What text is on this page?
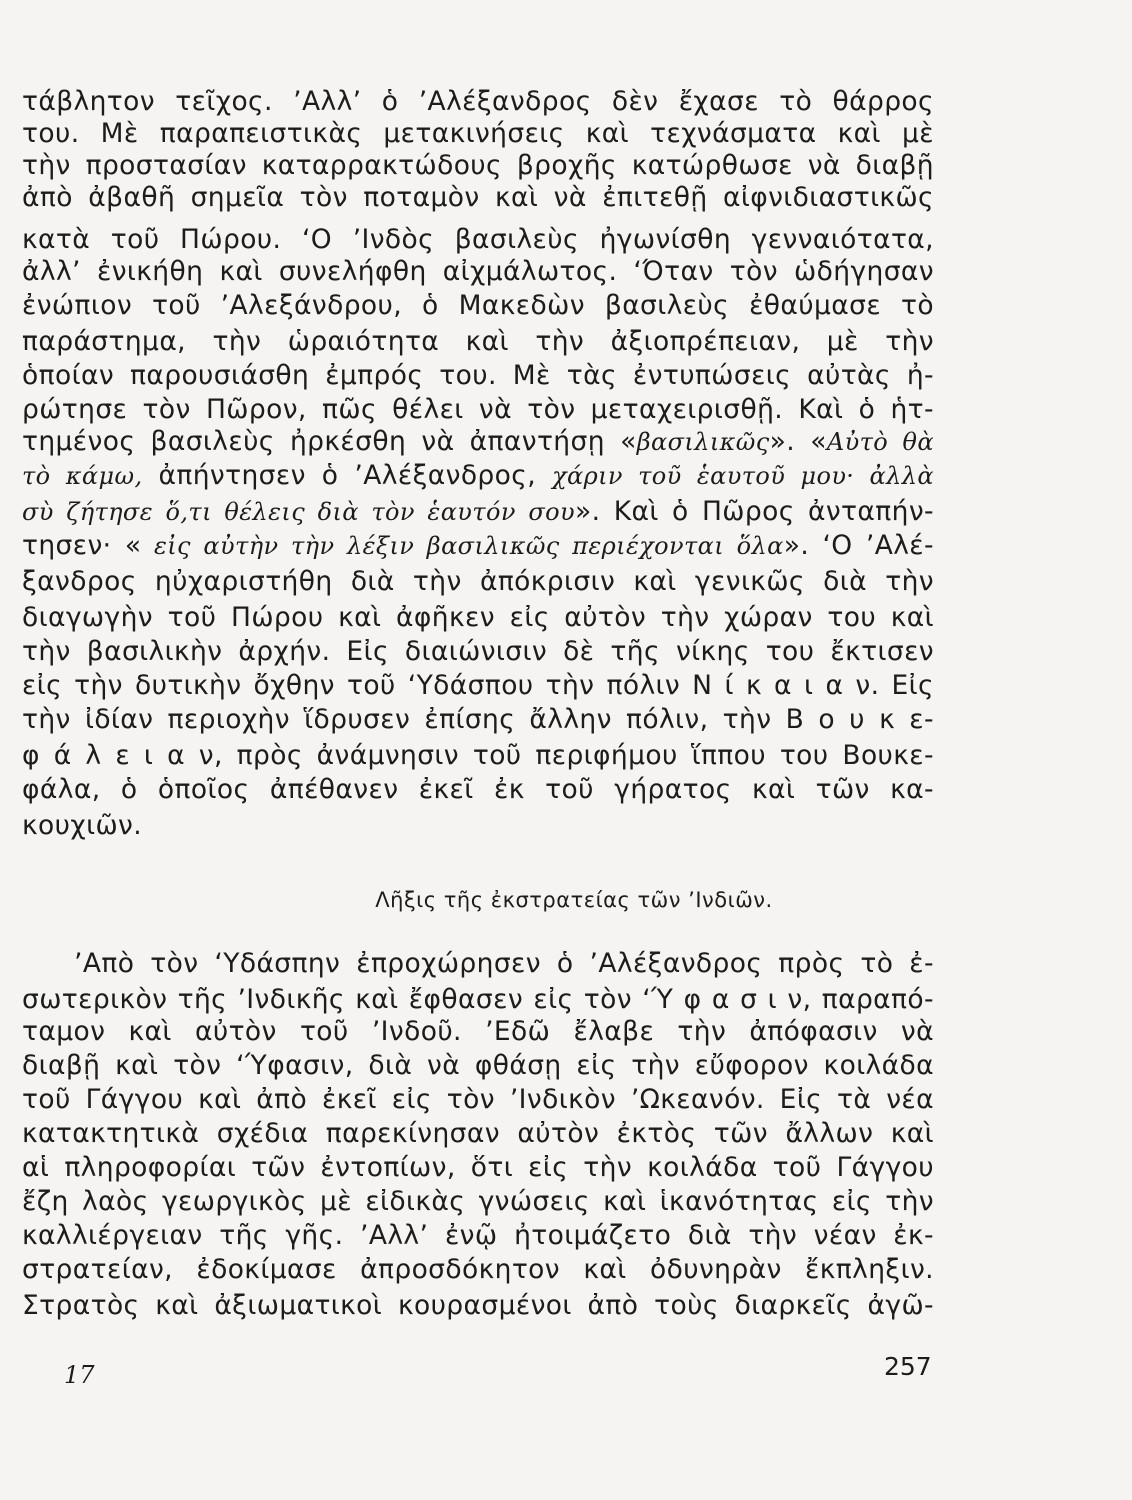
τάβλητον τεῖχος. ’Αλλ’ ὁ ’Αλέξανδρος δὲν ἔχασε τὸ θάρρος
του. Μὲ παραπειστικὰς μετακινήσεις καὶ τεχνάσματα καὶ μὲ
τὴν προστασίαν καταρρακτώδους βροχῆς κατώρθωσε νὰ διαβῇ
ἀπὸ ἀβαθῆ σημεῖα τὸν ποταμὸν καὶ νὰ ἐπιτεθῇ αἰφνιδιαστικῶς
κατὰ τοῦ Πώρου. ‘Ο ’Ινδὸς βασιλεὺς ἠγωνίσθη γενναιότατα,
ἀλλ’ ἐνικήθη καὶ συνελήφθη αἰχμάλωτος. ‘Όταν τὸν ὡδήγησαν
ἐνώπιον τοῦ ’Αλεξάνδρου, ὁ Μακεδὼν βασιλεὺς ἐθαύμασε τὸ
παράστημα, τὴν ὡραιότητα καὶ τὴν ἀξιοπρέπειαν, μὲ τὴν
ὁποίαν παρουσιάσθη ἐμπρός του. Μὲ τὰς ἐντυπώσεις αὐτὰς ἠ-
ρώτησε τὸν Πῶρον, πῶς θέλει νὰ τὸν μεταχειρισθῇ. Καὶ ὁ ἡτ-
τημένος βασιλεὺς ἠρκέσθη νὰ ἀπαντήσῃ «βασιλικῶς». «Αὐτὸ θὰ
τὸ κάμω, ἀπήντησεν ὁ ’Αλέξανδρος, χάριν τοῦ ἑαυτοῦ μου· ἀλλὰ
σὺ ζήτησε ὅ,τι θέλεις διὰ τὸν ἑαυτόν σου». Καὶ ὁ Πῶρος ἀνταπήν-
τησεν· « εἰς αὐτὴν τὴν λέξιν βασιλικῶς περιέχονται ὅλα». ‘Ο ’Αλέ-
ξανδρος ηὐχαριστήθη διὰ τὴν ἀπόκρισιν καὶ γενικῶς διὰ τὴν
διαγωγὴν τοῦ Πώρου καὶ ἀφῆκεν εἰς αὐτὸν τὴν χώραν του καὶ
τὴν βασιλικὴν ἀρχήν. Εἰς διαιώνισιν δὲ τῆς νίκης του ἔκτισεν
εἰς τὴν δυτικὴν ὄχθην τοῦ ‘Υδάσπου τὴν πόλιν Ν ί κ α ι α ν. Εἰς
τὴν ἰδίαν περιοχὴν ἵδρυσεν ἐπίσης ἄλλην πόλιν, τὴν Β ο υ κ ε-
φ ά λ ε ι α ν, πρὸς ἀνάμνησιν τοῦ περιφήμου ἵππου του Βουκε-
φάλα, ὁ ὁποῖος ἀπέθανεν ἐκεῖ ἐκ τοῦ γήρατος καὶ τῶν κα-
κουχιῶν.
Λῆξις τῆς ἐκστρατείας τῶν ’Ινδιῶν.
’Απὸ τὸν ‘Υδάσπην ἐπροχώρησεν ὁ ’Αλέξανδρος πρὸς τὸ ἐ-
σωτερικὸν τῆς ’Ινδικῆς καὶ ἔφθασεν εἰς τὸν ‘Ύ φ α σ ι ν, παραπό-
ταμον καὶ αὐτὸν τοῦ ’Ινδοῦ. ’Εδῶ ἔλαβε τὴν ἀπόφασιν νὰ
διαβῇ καὶ τὸν ‘Ύφασιν, διὰ νὰ φθάσῃ εἰς τὴν εὔφορον κοιλάδα
τοῦ Γάγγου καὶ ἀπὸ ἐκεῖ εἰς τὸν ’Ινδικὸν ’Ωκεανόν. Εἰς τὰ νέα
κατακτητικὰ σχέδια παρεκίνησαν αὐτὸν ἐκτὸς τῶν ἄλλων καὶ
αἱ πληροφορίαι τῶν ἐντοπίων, ὅτι εἰς τὴν κοιλάδα τοῦ Γάγγου
ἔζη λαὸς γεωργικὸς μὲ εἰδικὰς γνώσεις καὶ ἱκανότητας εἰς τὴν
καλλιέργειαν τῆς γῆς. ’Αλλ’ ἐνῷ ἠτοιμάζετο διὰ τὴν νέαν ἐκ-
στρατείαν, ἐδοκίμασε ἀπροσδόκητον καὶ ὀδυνηρὰν ἔκπληξιν.
Στρατὸς καὶ ἀξιωματικοὶ κουρασμένοι ἀπὸ τοὺς διαρκεῖς ἀγῶ-
17	257
